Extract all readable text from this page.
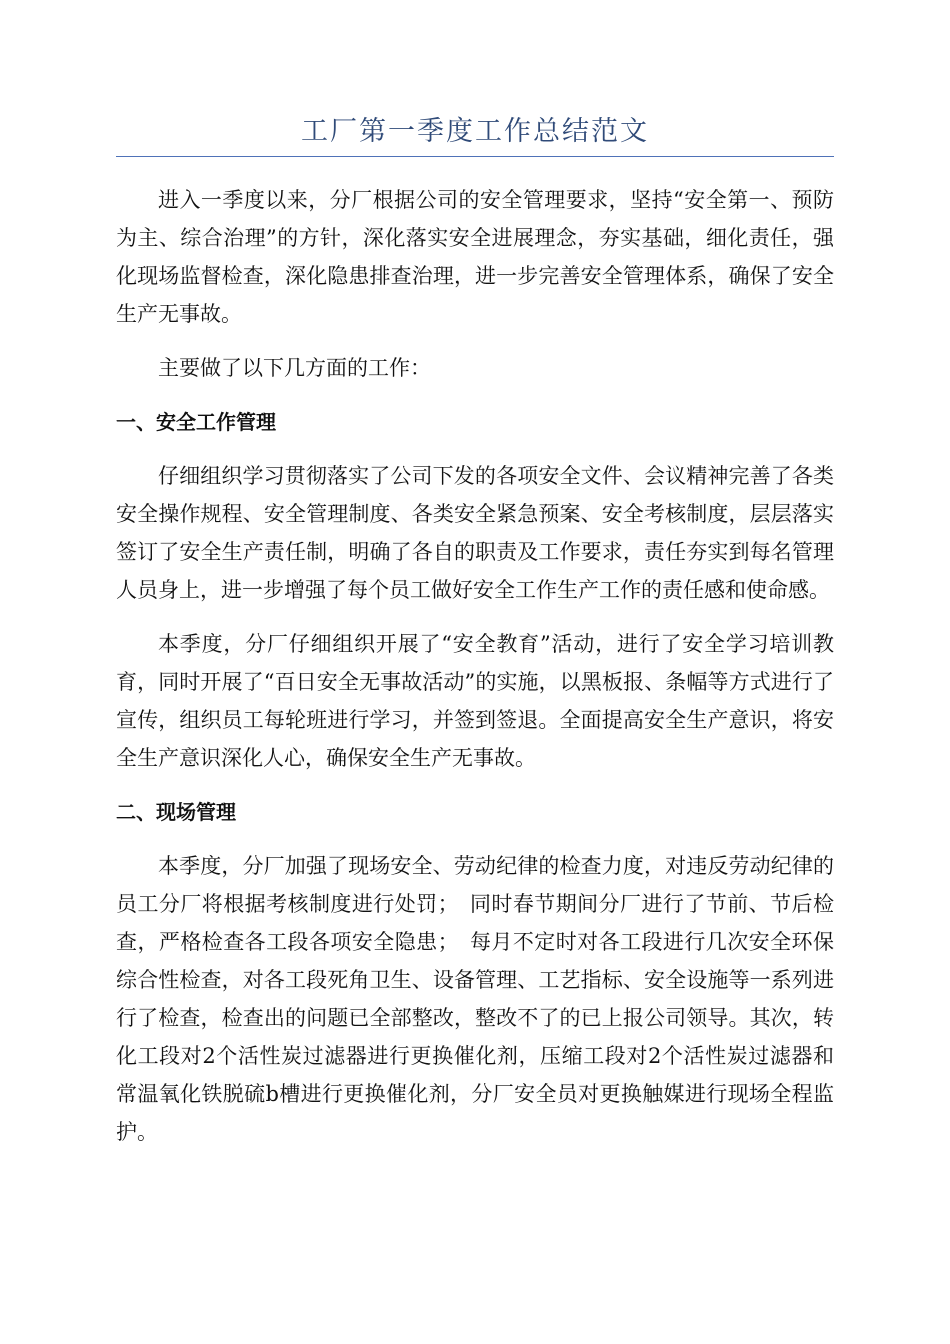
工厂第一季度工作总结范文

进入一季度以来，分厂根据公司的安全管理要求，坚持“安全第一、预防为主、综合治理”的方针，深化落实安全进展理念，夯实基础，细化责任，强化现场监督检查，深化隐患排查治理，进一步完善安全管理体系，确保了安全生产无事故。

主要做了以下几方面的工作：

一、安全工作管理

仔细组织学习贯彻落实了公司下发的各项安全文件、会议精神完善了各类安全操作规程、安全管理制度、各类安全紧急预案、安全考核制度，层层落实签订了安全生产责任制，明确了各自的职责及工作要求，责任夯实到每名管理人员身上，进一步增强了每个员工做好安全工作生产工作的责任感和使命感。

本季度，分厂仔细组织开展了“安全教育”活动，进行了安全学习培训教育，同时开展了“百日安全无事故活动”的实施，以黑板报、条幅等方式进行了宣传，组织员工每轮班进行学习，并签到签退。全面提高安全生产意识，将安全生产意识深化人心，确保安全生产无事故。

二、现场管理

本季度，分厂加强了现场安全、劳动纪律的检查力度，对违反劳动纪律的员工分厂将根据考核制度进行处罚；　同时春节期间分厂进行了节前、节后检查，严格检查各工段各项安全隐患；　每月不定时对各工段进行几次安全环保综合性检查，对各工段死角卫生、设备管理、工艺指标、安全设施等一系列进行了检查，检查出的问题已全部整改，整改不了的已上报公司领导。其次，转化工段对2个活性炭过滤器进行更换催化剂，压缩工段对2个活性炭过滤器和常温氧化铁脱硫b槽进行更换催化剂，分厂安全员对更换触媒进行现场全程监护。
